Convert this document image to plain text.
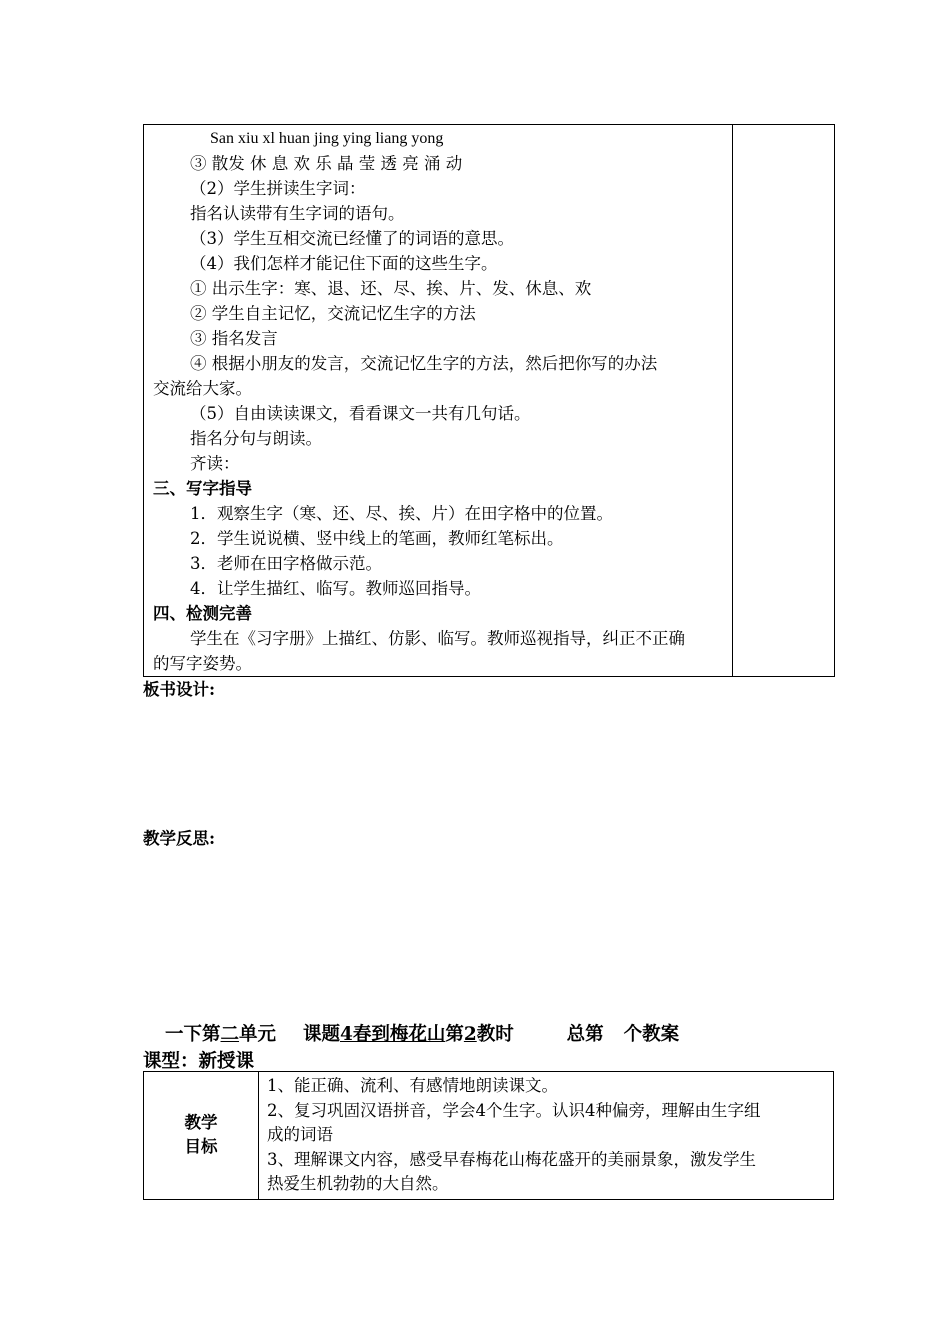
San xiu xl huan jing ying liang yong
③ 散发 休 息 欢 乐 晶 莹 透 亮 涌 动
（2）学生拼读生字词：
指名认读带有生字词的语句。
（3）学生互相交流已经懂了的词语的意思。
（4）我们怎样才能记住下面的这些生字。
① 出示生字：寒、退、还、尽、挨、片、发、休息、欢
② 学生自主记忆，交流记忆生字的方法
③ 指名发言
④ 根据小朋友的发言，交流记忆生字的方法，然后把你写的办法
交流给大家。
（5）自由读读课文，看看课文一共有几句话。
指名分句与朗读。
齐读：
三、写字指导
1．观察生字（寒、还、尽、挨、片）在田字格中的位置。
2．学生说说横、竖中线上的笔画，教师红笔标出。
3．老师在田字格做示范。
4．让学生描红、临写。教师巡回指导。
四、检测完善
学生在《习字册》上描红、仿影、临写。教师巡视指导，纠正不正确
的写字姿势。

板书设计:
教学反思:
一下第二单元 课题4春到梅花山第2教时	总第 个教案
课型：新授课
教学
目标

1、能正确、流利、有感情地朗读课文。
2、复习巩固汉语拼音，学会4个生字。认识4种偏旁，理解由生字组
成的词语
3、理解课文内容，感受早春梅花山梅花盛开的美丽景象，激发学生
热爱生机勃勃的大自然。
